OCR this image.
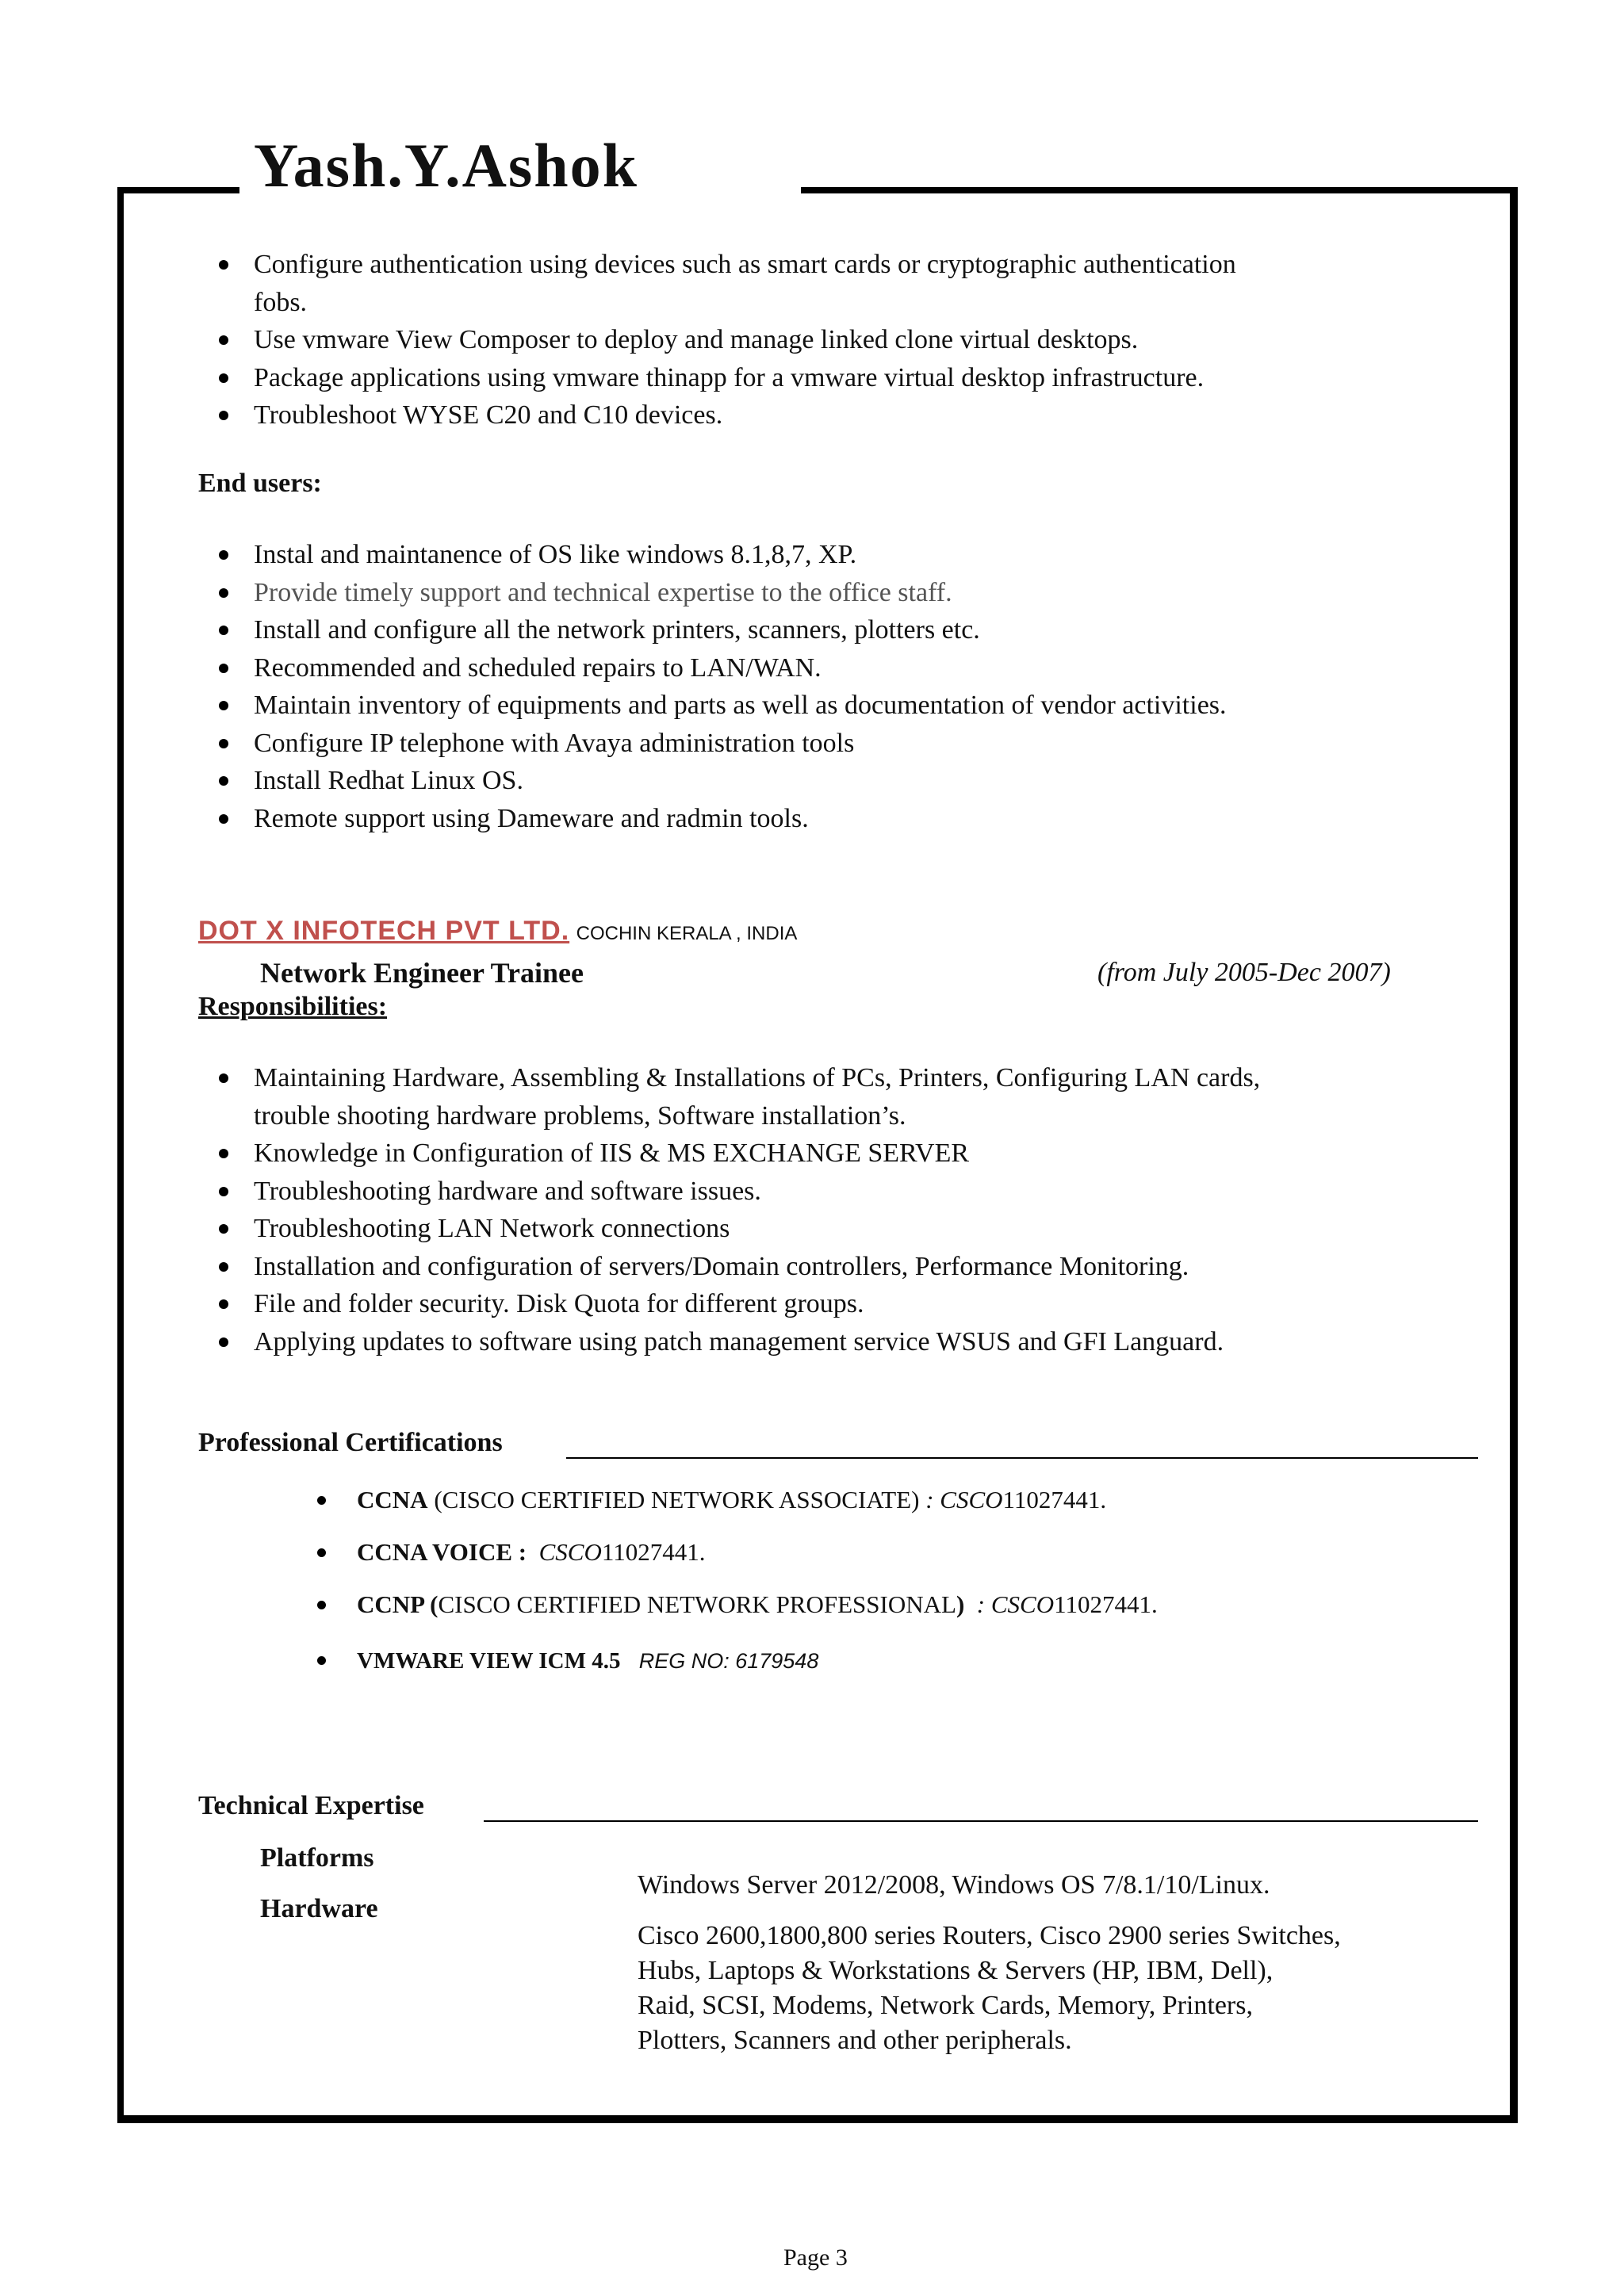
Yash.Y.Ashok
Configure authentication using devices such as smart cards or cryptographic authentication
fobs.
Use vmware View Composer to deploy and manage linked clone virtual desktops.
Package applications using vmware thinapp for a vmware virtual desktop infrastructure.
Troubleshoot WYSE C20 and C10 devices.

End users:

Instal and maintanence of OS like windows 8.1,8,7, XP.
Provide timely support and technical expertise to the office staff.
Install and configure all the network printers, scanners, plotters etc.
Recommended and scheduled repairs to LAN/WAN.
Maintain inventory of equipments and parts as well as documentation of vendor activities.
Configure IP telephone with Avaya administration tools
Install Redhat Linux OS.
Remote support using Dameware and radmin tools.

DOT X INFOTECH PVT LTD. COCHIN KERALA , INDIA

Network Engineer Trainee	(from July 2005-Dec 2007)

Responsibilities:

Maintaining Hardware, Assembling & Installations of PCs, Printers, Configuring LAN cards,
trouble shooting hardware problems, Software installation’s.
Knowledge in Configuration of IIS & MS EXCHANGE SERVER
Troubleshooting hardware and software issues.
Troubleshooting LAN Network connections
Installation and configuration of servers/Domain controllers, Performance Monitoring.
File and folder security. Disk Quota for different groups.
Applying updates to software using patch management service WSUS and GFI Languard.

Professional Certifications

CCNA (CISCO CERTIFIED NETWORK ASSOCIATE) : CSCO11027441.
CCNA VOICE : CSCO11027441.
CCNP (CISCO CERTIFIED NETWORK PROFESSIONAL)  : CSCO11027441.
VMWARE VIEW ICM 4.5 REG NO: 6179548

Technical Expertise

Platforms

Windows Server 2012/2008, Windows OS 7/8.1/10/Linux.

Hardware

Cisco 2600,1800,800 series Routers, Cisco 2900 series Switches,

Hubs, Laptops & Workstations & Servers (HP, IBM, Dell),

Raid, SCSI, Modems, Network Cards, Memory, Printers,

Plotters, Scanners and other peripherals.

Page 3
